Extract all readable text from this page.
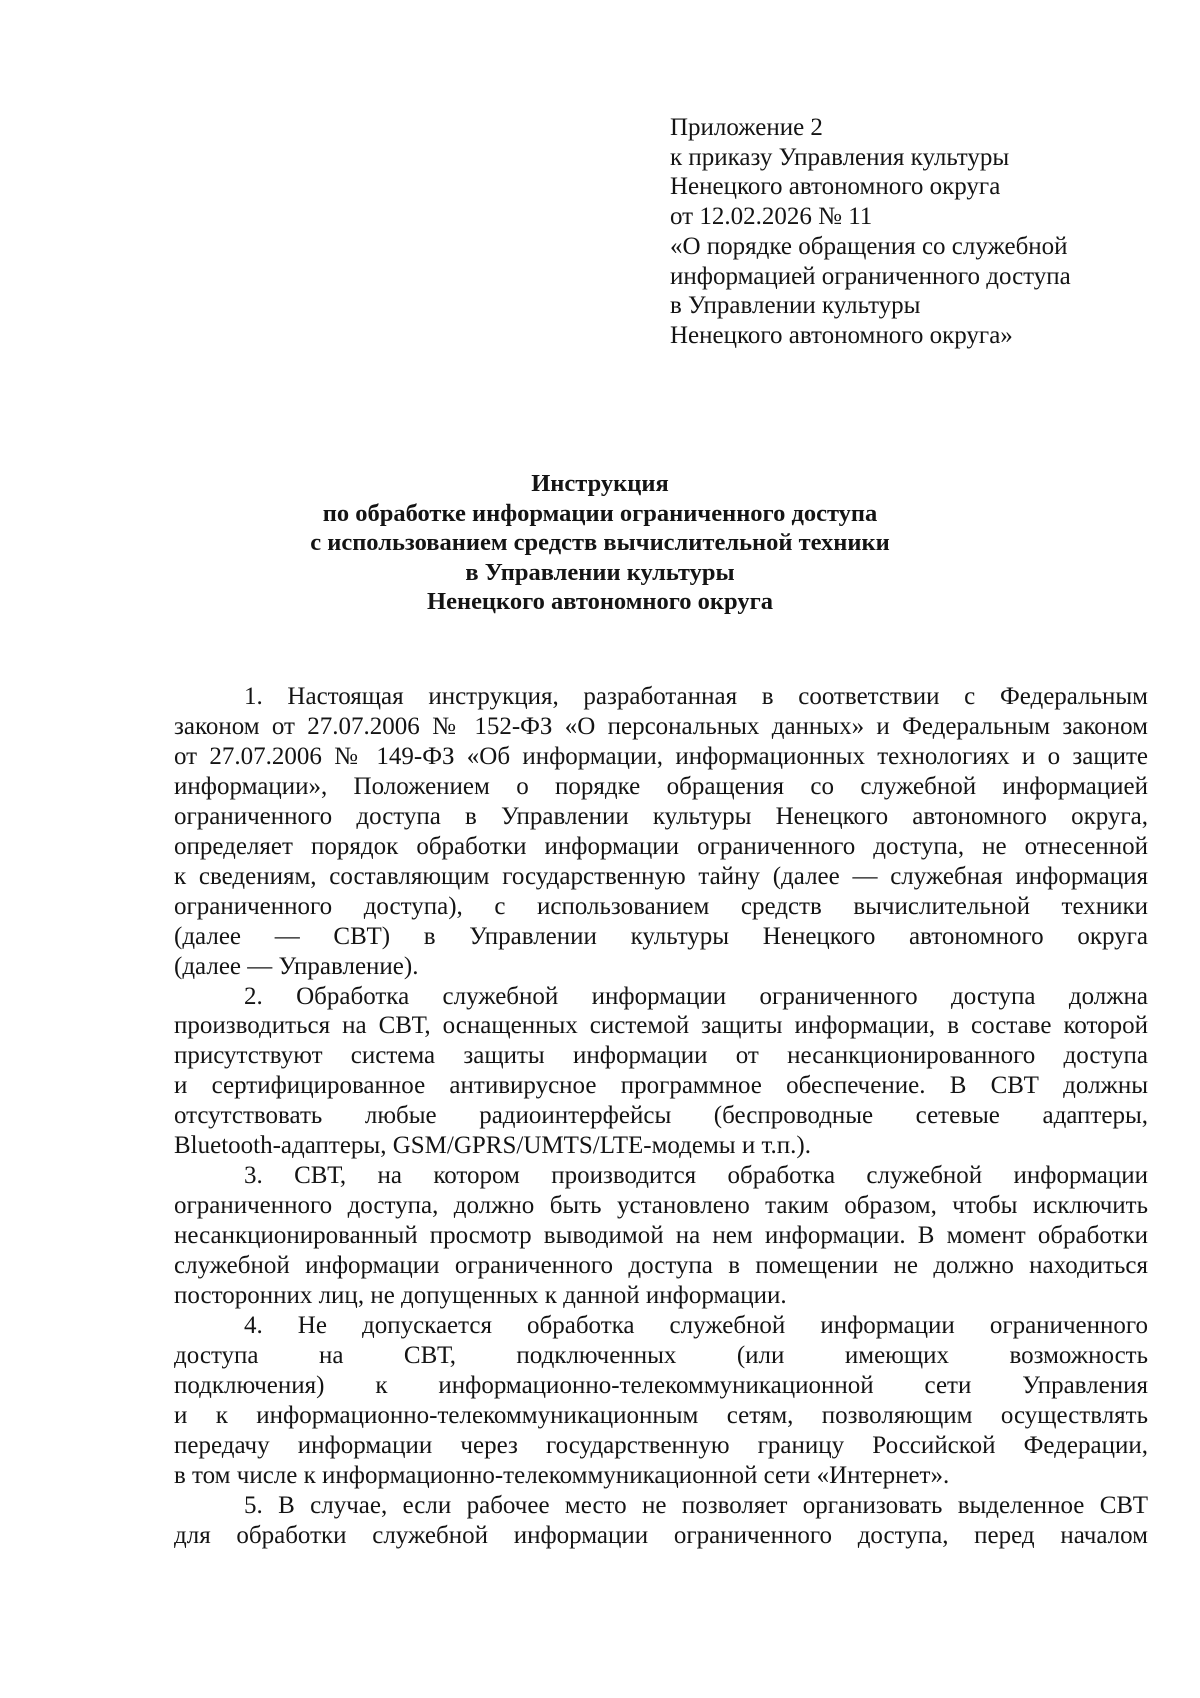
Приложение 2
к приказу Управления культуры
Ненецкого автономного округа
от 12.02.2026 № 11
«О порядке обращения со служебной
информацией ограниченного доступа
в Управлении культуры
Ненецкого автономного округа»
Инструкция
по обработке информации ограниченного доступа
с использованием средств вычислительной техники
в Управлении культуры
Ненецкого автономного округа
1. Настоящая инструкция, разработанная в соответствии с Федеральным
законом от 27.07.2006 № 152-ФЗ «О персональных данных» и Федеральным законом
от 27.07.2006 № 149-ФЗ «Об информации, информационных технологиях и о защите
информации», Положением о порядке обращения со служебной информацией
ограниченного доступа в Управлении культуры Ненецкого автономного округа,
определяет порядок обработки информации ограниченного доступа, не отнесенной
к сведениям, составляющим государственную тайну (далее — служебная информация
ограниченного доступа), с использованием средств вычислительной техники
(далее — СВТ) в Управлении культуры Ненецкого автономного округа
(далее — Управление).
2. Обработка служебной информации ограниченного доступа должна
производиться на СВТ, оснащенных системой защиты информации, в составе которой
присутствуют система защиты информации от несанкционированного доступа
и сертифицированное антивирусное программное обеспечение. В СВТ должны
отсутствовать любые радиоинтерфейсы (беспроводные сетевые адаптеры,
Bluetooth-адаптеры, GSM/GPRS/UMTS/LTE-модемы и т.п.).
3. СВТ, на котором производится обработка служебной информации
ограниченного доступа, должно быть установлено таким образом, чтобы исключить
несанкционированный просмотр выводимой на нем информации. В момент обработки
служебной информации ограниченного доступа в помещении не должно находиться
посторонних лиц, не допущенных к данной информации.
4. Не допускается обработка служебной информации ограниченного
доступа на СВТ, подключенных (или имеющих возможность
подключения) к информационно-телекоммуникационной сети Управления
и к информационно-телекоммуникационным сетям, позволяющим осуществлять
передачу информации через государственную границу Российской Федерации,
в том числе к информационно-телекоммуникационной сети «Интернет».
5. В случае, если рабочее место не позволяет организовать выделенное СВТ
для обработки служебной информации ограниченного доступа, перед началом
